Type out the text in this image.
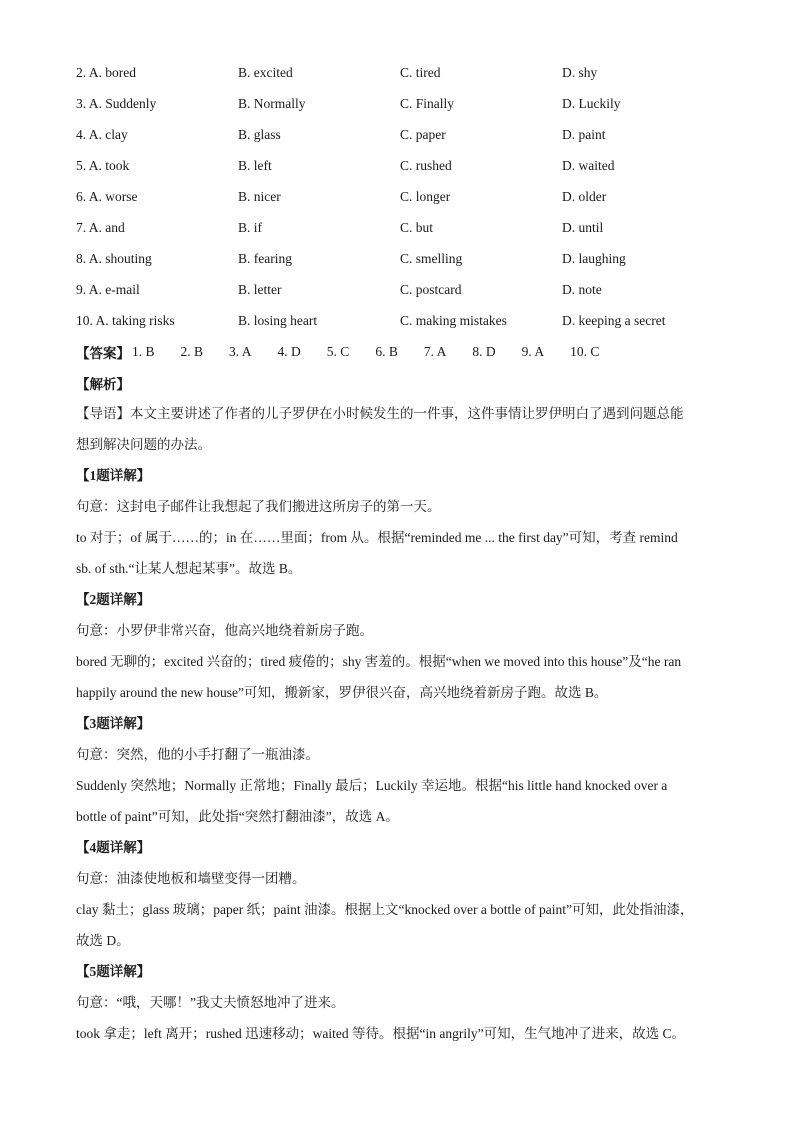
2. A. bored	B. excited	C. tired	D. shy
3. A. Suddenly	B. Normally	C. Finally	D. Luckily
4. A. clay	B. glass	C. paper	D. paint
5. A. took	B. left	C. rushed	D. waited
6. A. worse	B. nicer	C. longer	D. older
7. A. and	B. if	C. but	D. until
8. A. shouting	B. fearing	C. smelling	D. laughing
9. A. e-mail	B. letter	C. postcard	D. note
10. A. taking risks	B. losing heart	C. making mistakes	D. keeping a secret
【答案】 1. B 2. B 3. A 4. D 5. C 6. B 7. A 8. D 9. A 10. C
【解析】

【导语】本文主要讲述了作者的儿子罗伊在小时候发生的一件事，这件事情让罗伊明白了遇到问题总能

想到解决问题的办法。

【1题详解】

句意：这封电子邮件让我想起了我们搬进这所房子的第一天。

to 对于；of 属于……的；in 在……里面；from 从。根据“reminded me ... the first day”可知，考查 remind

sb. of sth.“让某人想起某事”。故选 B。

【2题详解】

句意：小罗伊非常兴奋，他高兴地绕着新房子跑。

bored 无聊的；excited 兴奋的；tired 疲倦的；shy 害羞的。根据“when we moved into this house”及“he ran

happily around the new house”可知，搬新家，罗伊很兴奋，高兴地绕着新房子跑。故选 B。

【3题详解】

句意：突然，他的小手打翻了一瓶油漆。

Suddenly 突然地；Normally 正常地；Finally 最后；Luckily 幸运地。根据“his little hand knocked over a

bottle of paint”可知，此处指“突然打翻油漆”，故选 A。

【4题详解】

句意：油漆使地板和墙壁变得一团糟。

clay 黏土；glass 玻璃；paper 纸；paint 油漆。根据上文“knocked over a bottle of paint”可知，此处指油漆，

故选 D。

【5题详解】

句意：“哦，天哪！”我丈夫愤怒地冲了进来。

took 拿走；left 离开；rushed 迅速移动；waited 等待。根据“in angrily”可知，生气地冲了进来，故选 C。
